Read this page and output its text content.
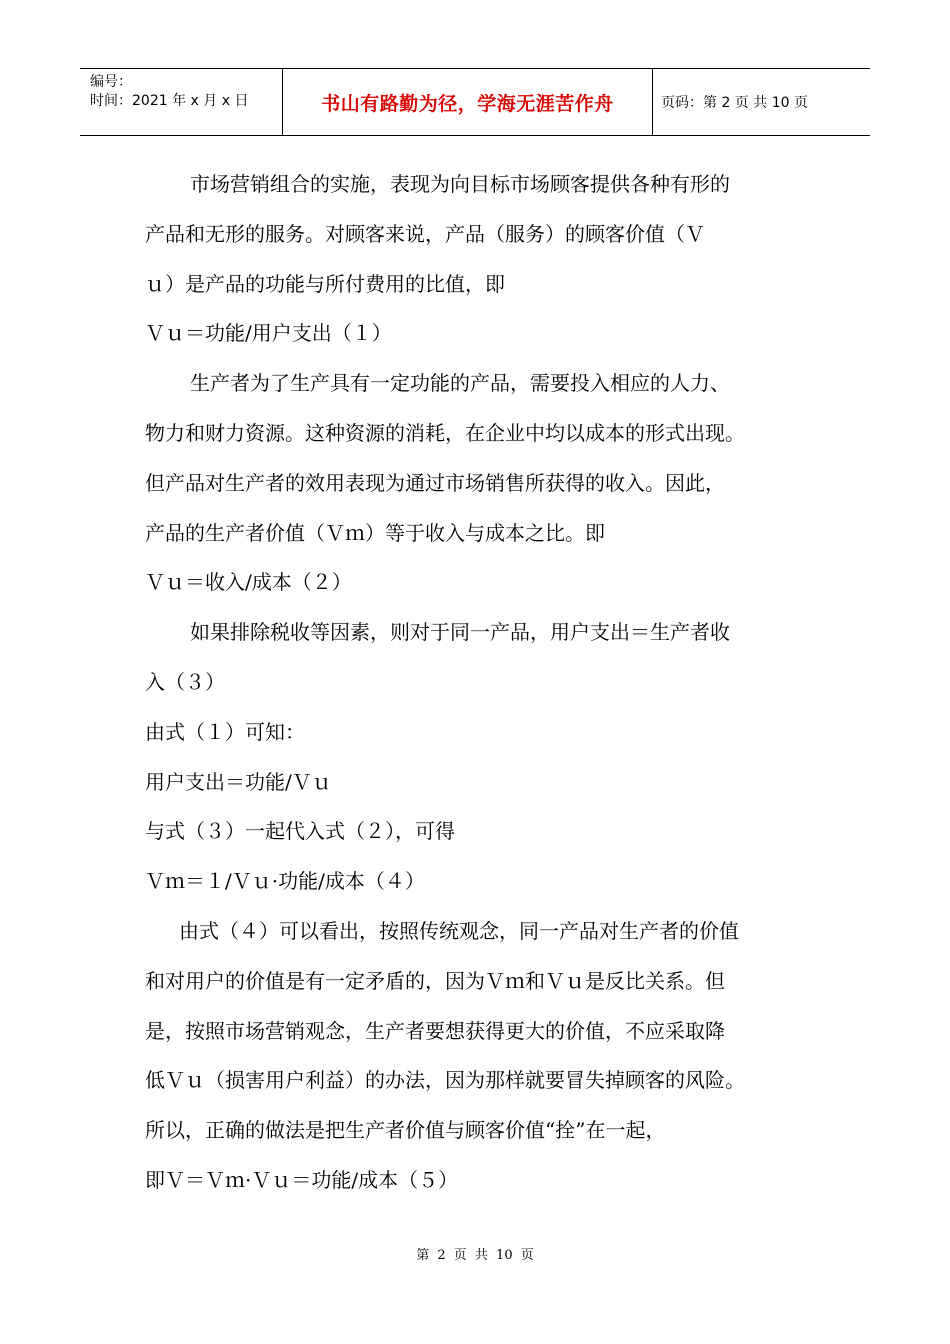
编号：
时间：2021 年 x 月 x 日	书山有路勤为径，学海无涯苦作舟	页码：第 2 页 共 10 页
市场营销组合的实施，表现为向目标市场顾客提供各种有形的
产品和无形的服务。对顾客来说，产品（服务）的顾客价值（Ｖ
ｕ）是产品的功能与所付费用的比值，即
Ｖｕ＝功能/用户支出（１）
生产者为了生产具有一定功能的产品，需要投入相应的人力、
物力和财力资源。这种资源的消耗，在企业中均以成本的形式出现。
但产品对生产者的效用表现为通过市场销售所获得的收入。因此，
产品的生产者价值（Ｖｍ）等于收入与成本之比。即
Ｖｕ＝收入/成本（２）
如果排除税收等因素，则对于同一产品，用户支出＝生产者收
入（３）
由式（１）可知：
用户支出＝功能/Ｖｕ
与式（３）一起代入式（２），可得
Ｖｍ＝１/Ｖｕ·功能/成本（４）
由式（４）可以看出，按照传统观念，同一产品对生产者的价值
和对用户的价值是有一定矛盾的，因为Ｖｍ和Ｖｕ是反比关系。但
是，按照市场营销观念，生产者要想获得更大的价值，不应采取降
低Ｖｕ（损害用户利益）的办法，因为那样就要冒失掉顾客的风险。
所以，正确的做法是把生产者价值与顾客价值“拴”在一起，
即Ｖ＝Ｖｍ·Ｖｕ＝功能/成本（５）
第 2 页 共 10 页
